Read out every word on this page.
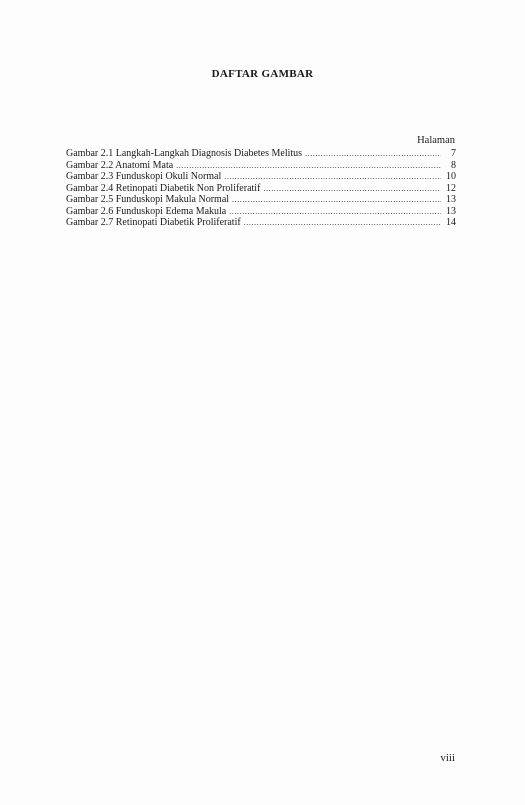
DAFTAR GAMBAR
Halaman
Gambar 2.1 Langkah-Langkah Diagnosis Diabetes Melitus .....	7
Gambar 2.2 Anatomi Mata .....	8
Gambar 2.3 Funduskopi Okuli Normal .....	10
Gambar 2.4 Retinopati Diabetik Non Proliferatif .....	12
Gambar 2.5 Funduskopi Makula Normal .....	13
Gambar 2.6 Funduskopi Edema Makula .....	13
Gambar 2.7 Retinopati Diabetik Proliferatif .....	14
viii
